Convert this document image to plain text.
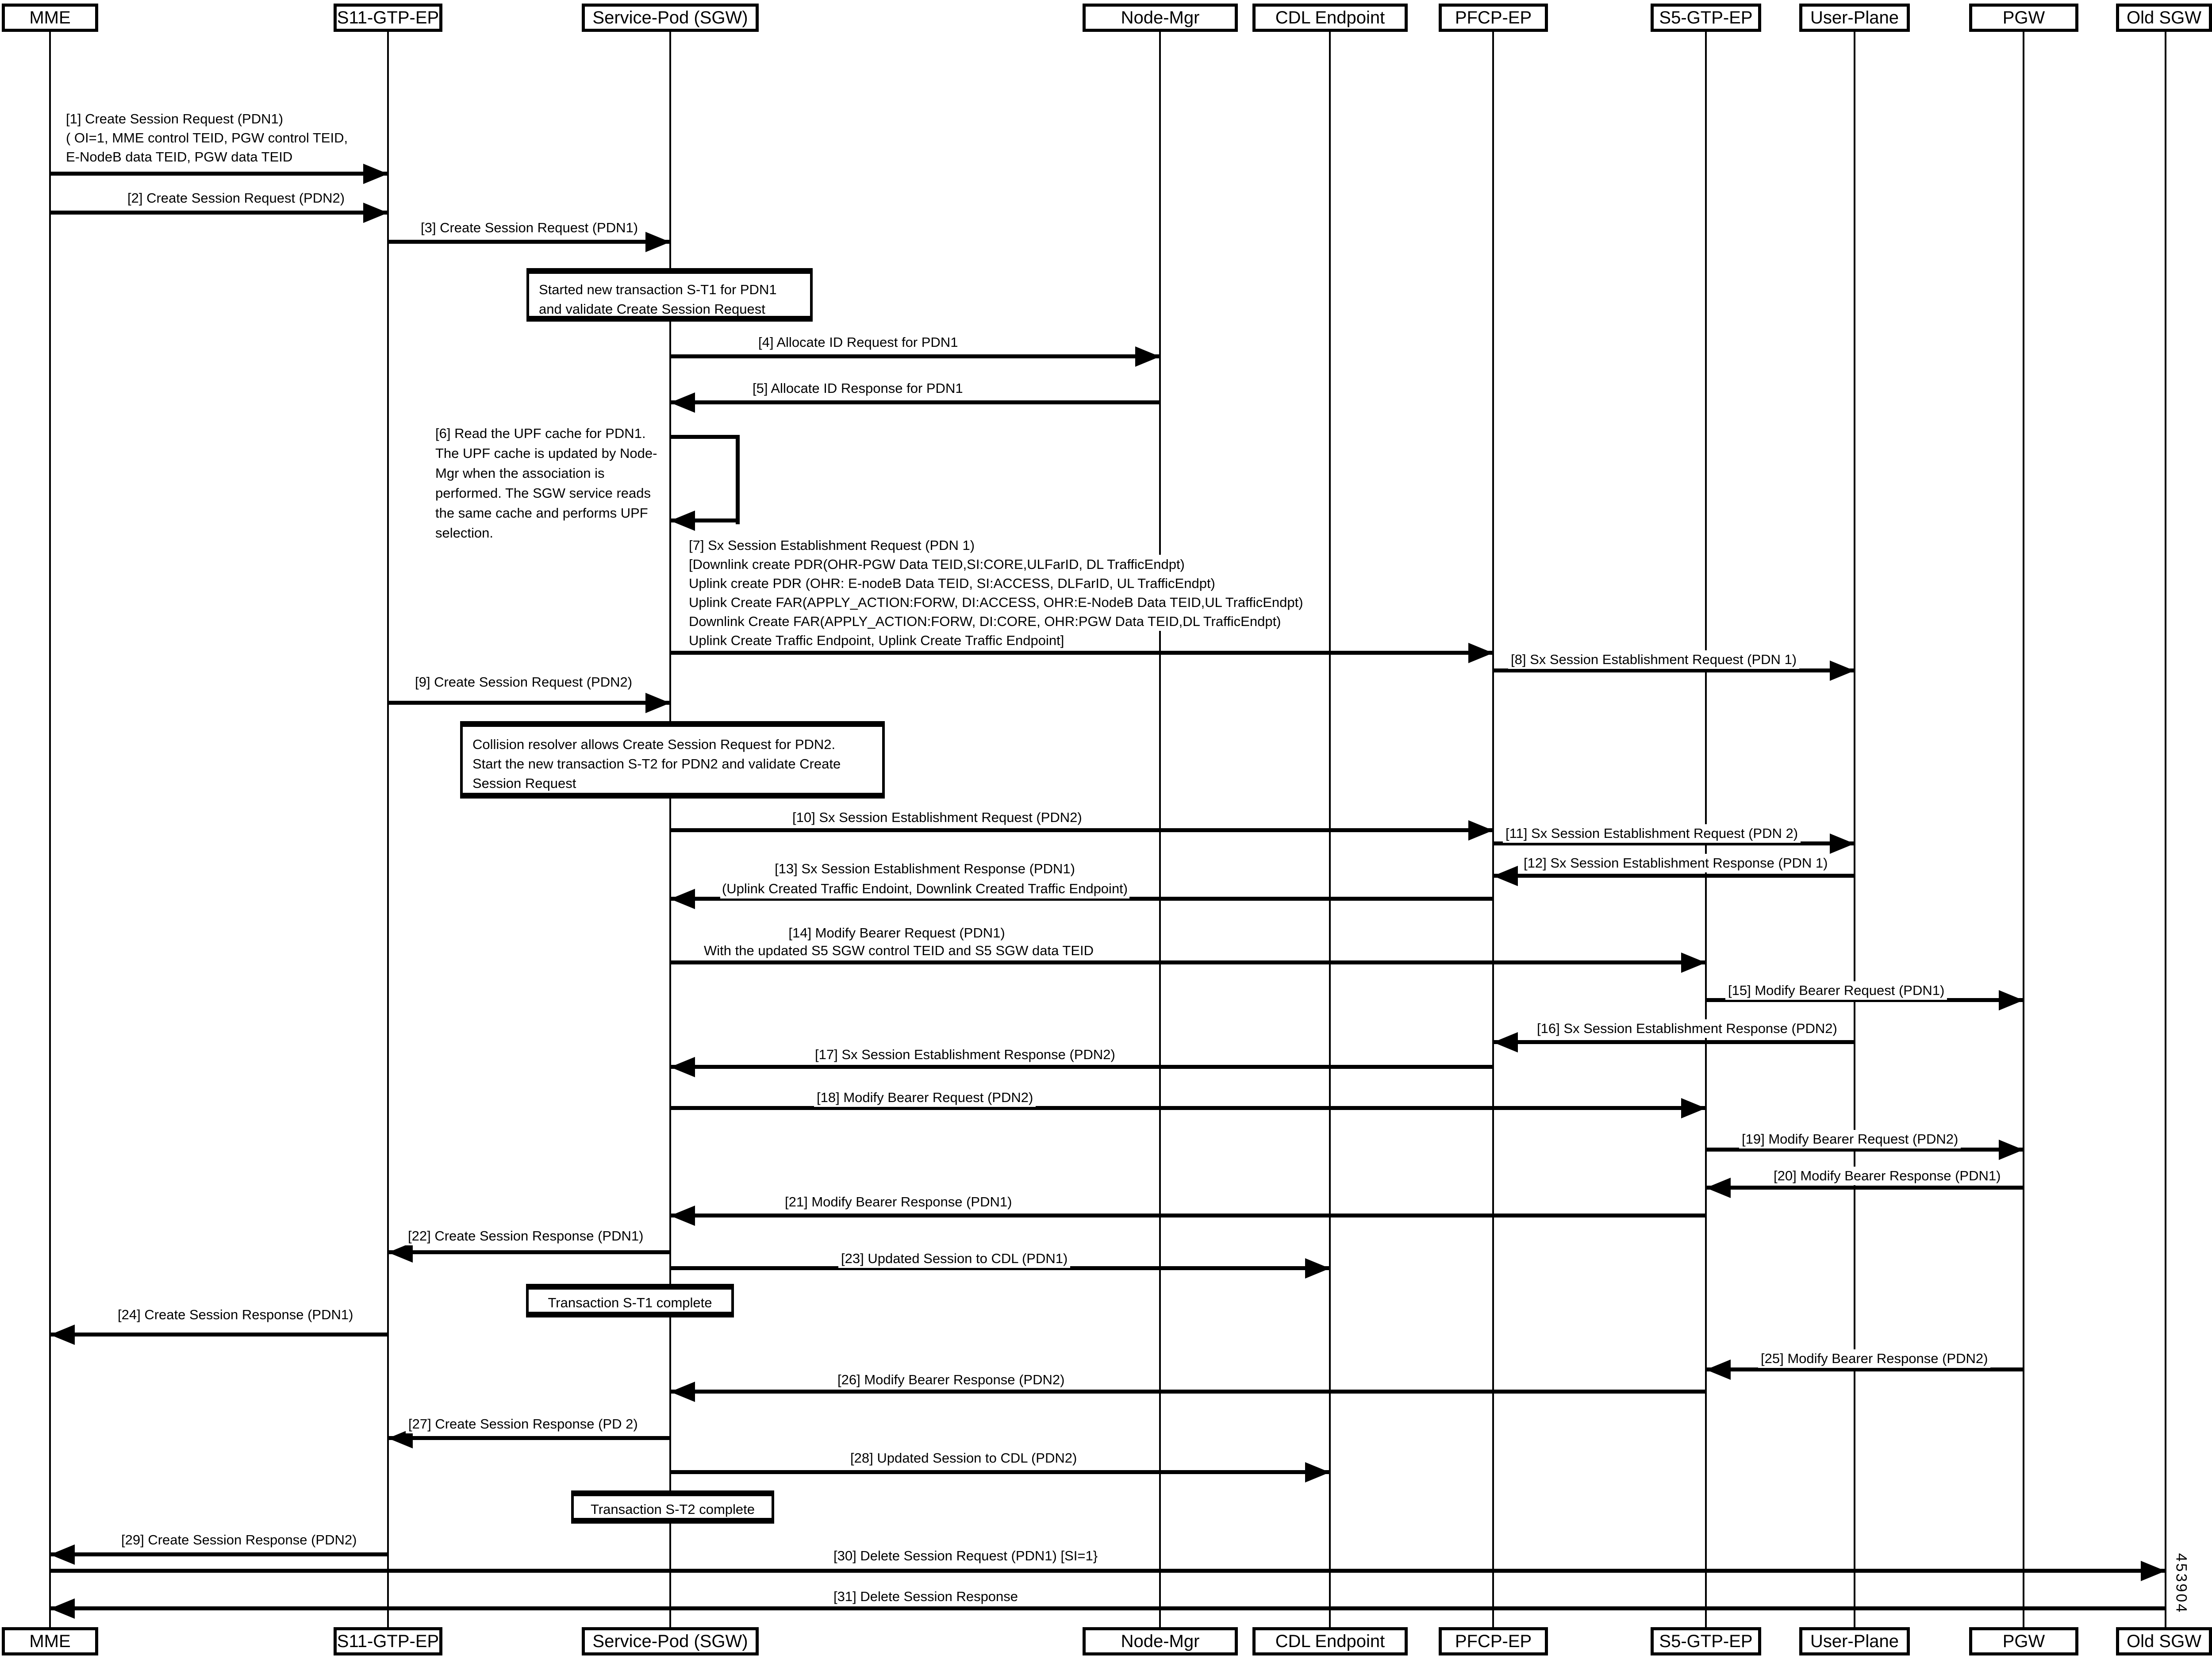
MME	S11-GTP-EP	Service-Pod (SGW)	Node-Mgr	CDL Endpoint	PFCP-EP	S5-GTP-EP	User-Plane	PGW	Old SGW
MME	S11-GTP-EP	Service-Pod (SGW)	Node-Mgr	CDL Endpoint	PFCP-EP	S5-GTP-EP	User-Plane	PGW	Old SGW
[1] Create Session Request (PDN1)
( OI=1, MME control TEID, PGW control TEID,
E-NodeB data TEID, PGW data TEID
[2] Create Session Request (PDN2)
[3] Create Session Request (PDN1)
Started new transaction S-T1 for PDN1
and validate Create Session Request
[4] Allocate ID Request for PDN1
[5] Allocate ID Response for PDN1
[6] Read the UPF cache for PDN1.
The UPF cache is updated by Node-
Mgr when the association is
performed. The SGW service reads
the same cache and performs UPF
selection.
[7] Sx Session Establishment Request (PDN 1)
[Downlink create PDR(OHR-PGW Data TEID,SI:CORE,ULFarID, DL TrafficEndpt)
Uplink create PDR (OHR: E-nodeB Data TEID, SI:ACCESS, DLFarID, UL TrafficEndpt)
Uplink Create FAR(APPLY_ACTION:FORW, DI:ACCESS, OHR:E-NodeB Data TEID,UL TrafficEndpt)
Downlink Create FAR(APPLY_ACTION:FORW, DI:CORE, OHR:PGW Data TEID,DL TrafficEndpt)
Uplink Create Traffic Endpoint, Uplink Create Traffic Endpoint]
[8] Sx Session Establishment Request (PDN 1)
[9] Create Session Request (PDN2)
Collision resolver allows Create Session Request for PDN2.
Start the new transaction S-T2 for PDN2 and validate Create
Session Request
[10] Sx Session Establishment Request (PDN2)
[11] Sx Session Establishment Request (PDN 2)
[12] Sx Session Establishment Response (PDN 1)
[13] Sx Session Establishment Response (PDN1)
(Uplink Created Traffic Endoint, Downlink Created Traffic Endpoint)
[14] Modify Bearer Request (PDN1)
With the updated S5 SGW control TEID and S5 SGW data TEID
[15] Modify Bearer Request (PDN1)
[16] Sx Session Establishment Response (PDN2)
[17] Sx Session Establishment Response (PDN2)
[18] Modify Bearer Request (PDN2)
[19] Modify Bearer Request (PDN2)
[20] Modify Bearer Response (PDN1)
[21] Modify Bearer Response (PDN1)
[22] Create Session Response (PDN1)
[23] Updated Session to CDL (PDN1)
Transaction S-T1 complete
[24] Create Session Response (PDN1)
[25] Modify Bearer Response (PDN2)
[26] Modify Bearer Response (PDN2)
[27] Create Session Response (PD 2)
[28] Updated Session to CDL (PDN2)
Transaction S-T2 complete
[29] Create Session Response (PDN2)
[30] Delete Session Request (PDN1) [SI=1}
[31] Delete Session Response	453904
